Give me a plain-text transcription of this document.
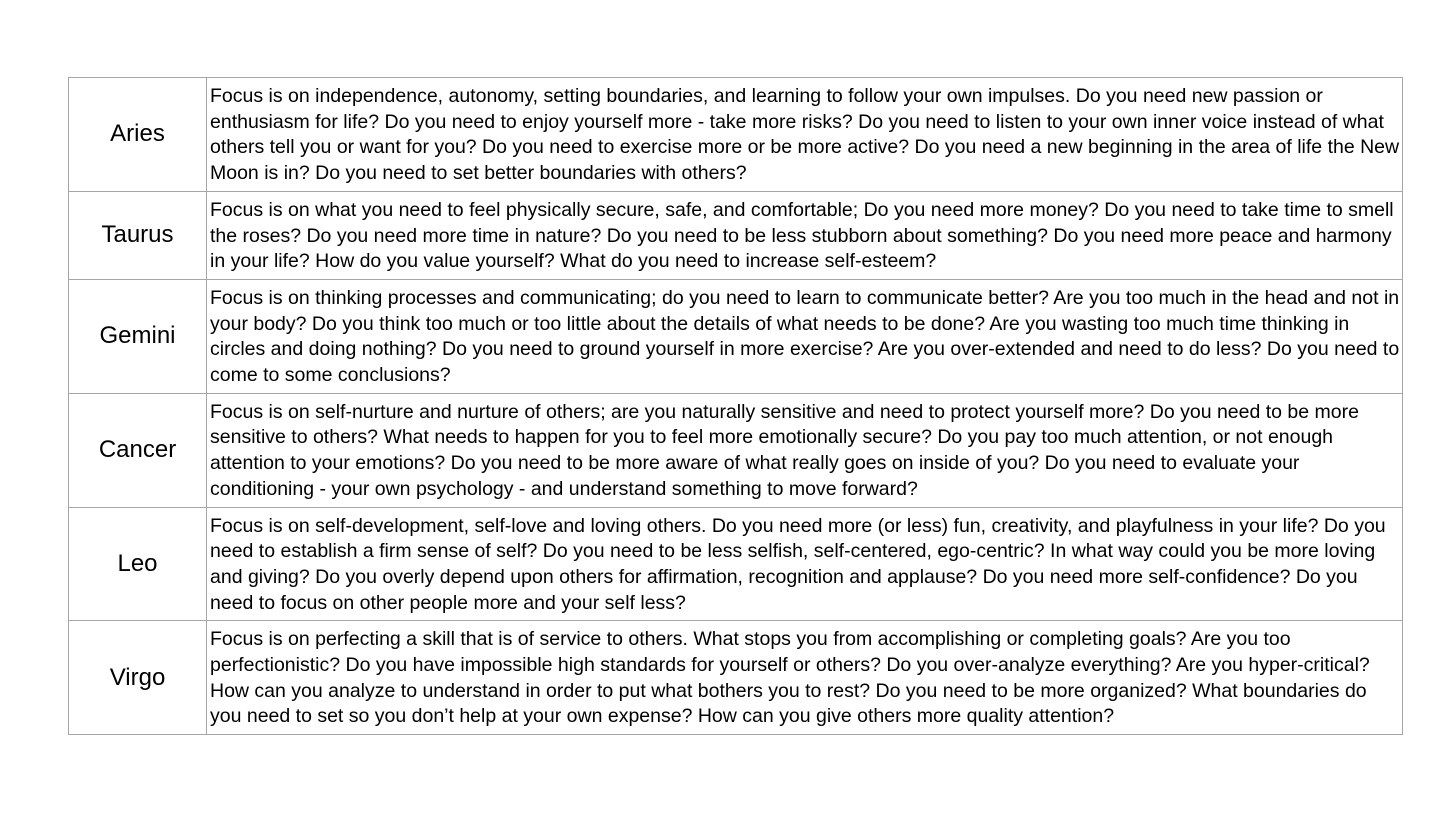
Aries	Focus is on independence, autonomy, setting boundaries, and learning to follow your own impulses. Do you need new passion or enthusiasm for life? Do you need to enjoy yourself more - take more risks? Do you need to listen to your own inner voice instead of what others tell you or want for you? Do you need to exercise more or be more active? Do you need a new beginning in the area of life the New Moon is in? Do you need to set better boundaries with others?
Taurus	Focus is on what you need to feel physically secure, safe, and comfortable; Do you need more money? Do you need to take time to smell the roses? Do you need more time in nature? Do you need to be less stubborn about something? Do you need more peace and harmony in your life? How do you value yourself? What do you need to increase self-esteem?
Gemini	Focus is on thinking processes and communicating; do you need to learn to communicate better? Are you too much in the head and not in your body? Do you think too much or too little about the details of what needs to be done? Are you wasting too much time thinking in circles and doing nothing? Do you need to ground yourself in more exercise? Are you over-extended and need to do less? Do you need to come to some conclusions?
Cancer	Focus is on self-nurture and nurture of others; are you naturally sensitive and need to protect yourself more? Do you need to be more sensitive to others? What needs to happen for you to feel more emotionally secure? Do you pay too much attention, or not enough attention to your emotions? Do you need to be more aware of what really goes on inside of you? Do you need to evaluate your conditioning - your own psychology - and understand something to move forward?
Leo	Focus is on self-development, self-love and loving others. Do you need more (or less) fun, creativity, and playfulness in your life? Do you need to establish a firm sense of self? Do you need to be less selfish, self-centered, ego-centric? In what way could you be more loving and giving? Do you overly depend upon others for affirmation, recognition and applause? Do you need more self-confidence? Do you need to focus on other people more and your self less?
Virgo	Focus is on perfecting a skill that is of service to others. What stops you from accomplishing or completing goals? Are you too perfectionistic? Do you have impossible high standards for yourself or others? Do you over-analyze everything? Are you hyper-critical? How can you analyze to understand in order to put what bothers you to rest? Do you need to be more organized? What boundaries do you need to set so you don’t help at your own expense? How can you give others more quality attention?
